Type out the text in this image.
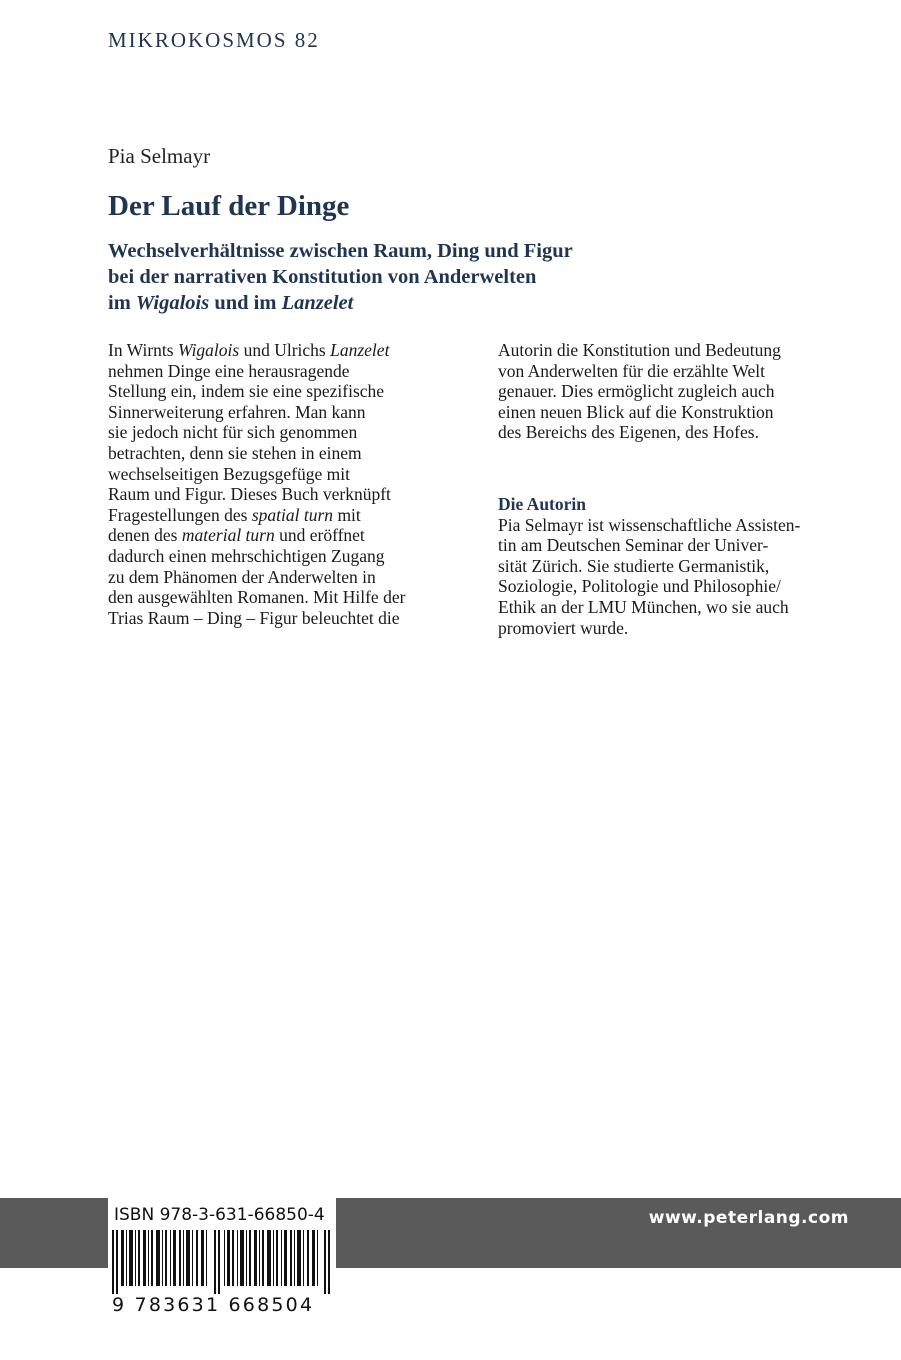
MIKROKOSMOS 82
Pia Selmayr
Der Lauf der Dinge
Wechselverhältnisse zwischen Raum, Ding und Figur
bei der narrativen Konstitution von Anderwelten
im Wigalois und im Lanzelet
In Wirnts Wigalois und Ulrichs Lanzelet
nehmen Dinge eine herausragende
Stellung ein, indem sie eine spezifische
Sinnerweiterung erfahren. Man kann
sie jedoch nicht für sich genommen
betrachten, denn sie stehen in einem
wechselseitigen Bezugsgefüge mit
Raum und Figur. Dieses Buch verknüpft
Fragestellungen des spatial turn mit
denen des material turn und eröffnet
dadurch einen mehrschichtigen Zugang
zu dem Phänomen der Anderwelten in
den ausgewählten Romanen. Mit Hilfe der
Trias Raum – Ding – Figur beleuchtet die
Autorin die Konstitution und Bedeutung
von Anderwelten für die erzählte Welt
genauer. Dies ermöglicht zugleich auch
einen neuen Blick auf die Konstruktion
des Bereichs des Eigenen, des Hofes.
Die Autorin
Pia Selmayr ist wissenschaftliche Assisten-
tin am Deutschen Seminar der Univer-
sität Zürich. Sie studierte Germanistik,
Soziologie, Politologie und Philosophie/
Ethik an der LMU München, wo sie auch
promoviert wurde.
www.peterlang.com
ISBN 978-3-631-66850-4
9 783631 668504
